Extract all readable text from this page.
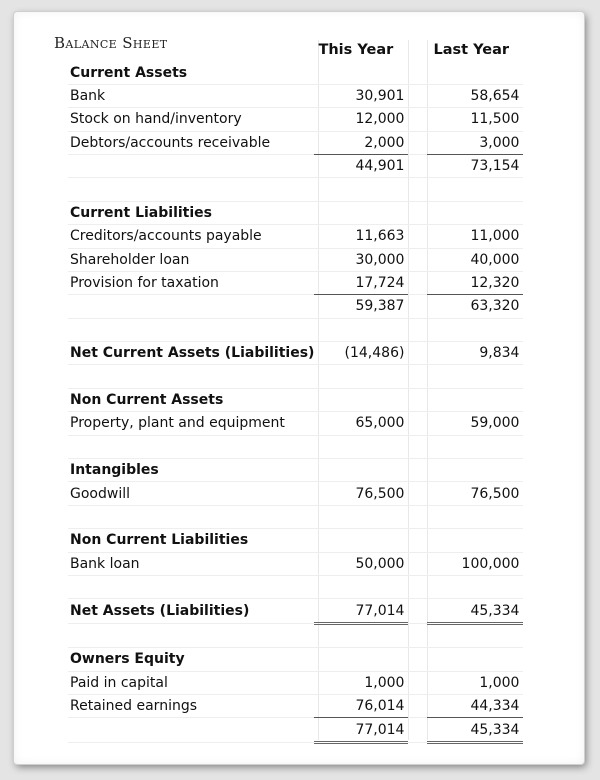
Balance Sheet
		This Year		Last Year
Current Assets			
Bank	30,901		58,654
Stock on hand/inventory	12,000		11,500
Debtors/accounts receivable	2,000		3,000
	44,901		73,154

Current Liabilities			
Creditors/accounts payable	11,663		11,000
Shareholder loan	30,000		40,000
Provision for taxation	17,724		12,320
	59,387		63,320

Net Current Assets (Liabilities)	(14,486)		9,834

Non Current Assets			
Property, plant and equipment	65,000		59,000

Intangibles			
Goodwill	76,500		76,500

Non Current Liabilities			
Bank loan	50,000		100,000

Net Assets (Liabilities)	77,014		45,334

Owners Equity			
Paid in capital	1,000		1,000
Retained earnings	76,014		44,334
	77,014		45,334
